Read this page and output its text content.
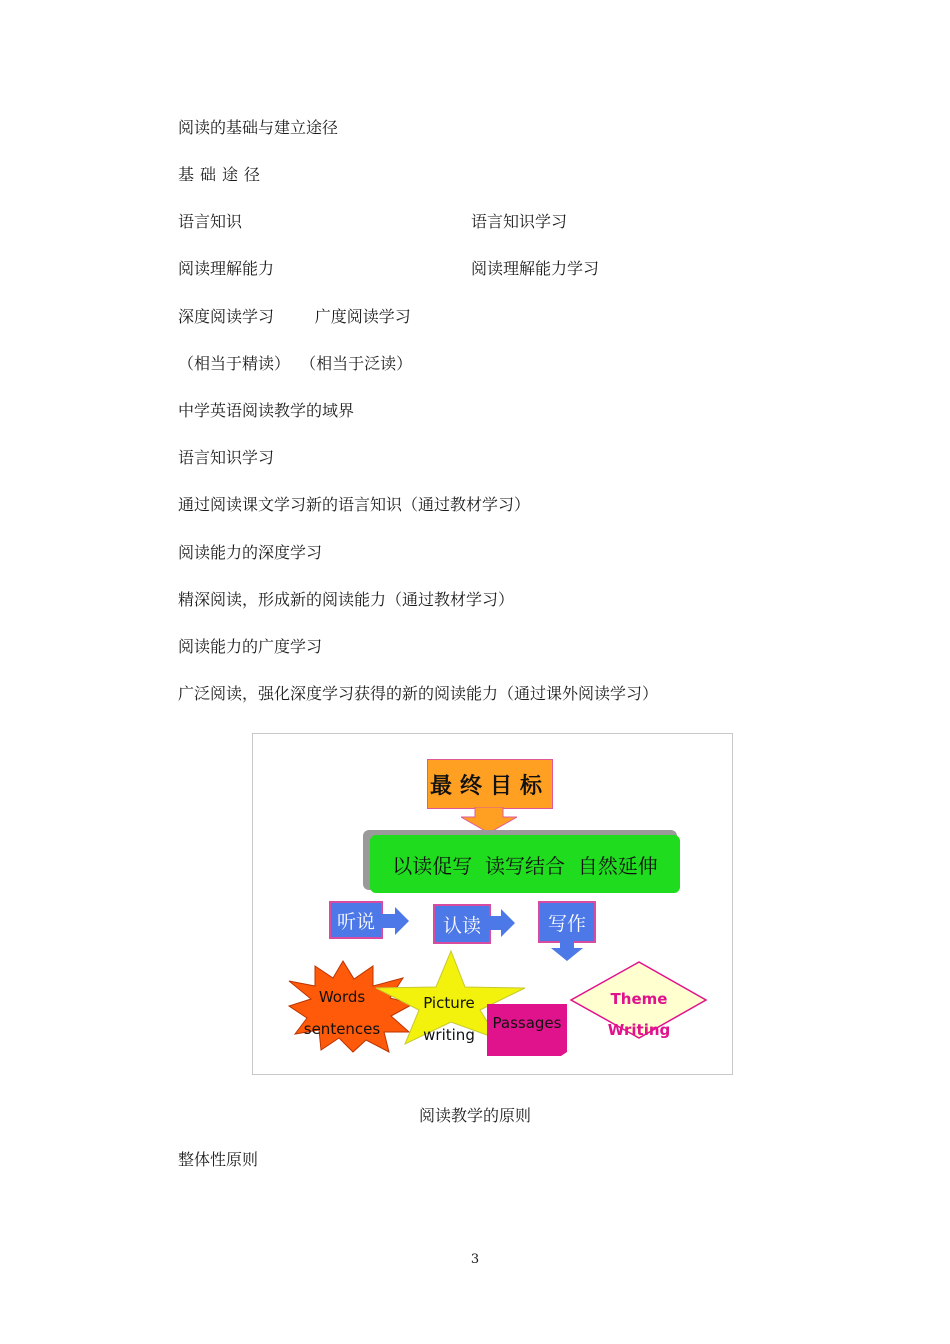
阅读的基础与建立途径
基础途径
语言知识	语言知识学习
阅读理解能力	阅读理解能力学习
深度阅读学习        广度阅读学习
（相当于精读）  （相当于泛读）
中学英语阅读教学的域界
语言知识学习
通过阅读课文学习新的语言知识（通过教材学习）
阅读能力的深度学习
精深阅读，形成新的阅读能力（通过教材学习）
阅读能力的广度学习
广泛阅读，强化深度学习获得的新的阅读能力（通过课外阅读学习）
最终目标
以读促写  读写结合  自然延伸
听说	认读	写作
Words
sentences
Picture
writing
Passages
Theme
Writing
阅读教学的原则
整体性原则
3
